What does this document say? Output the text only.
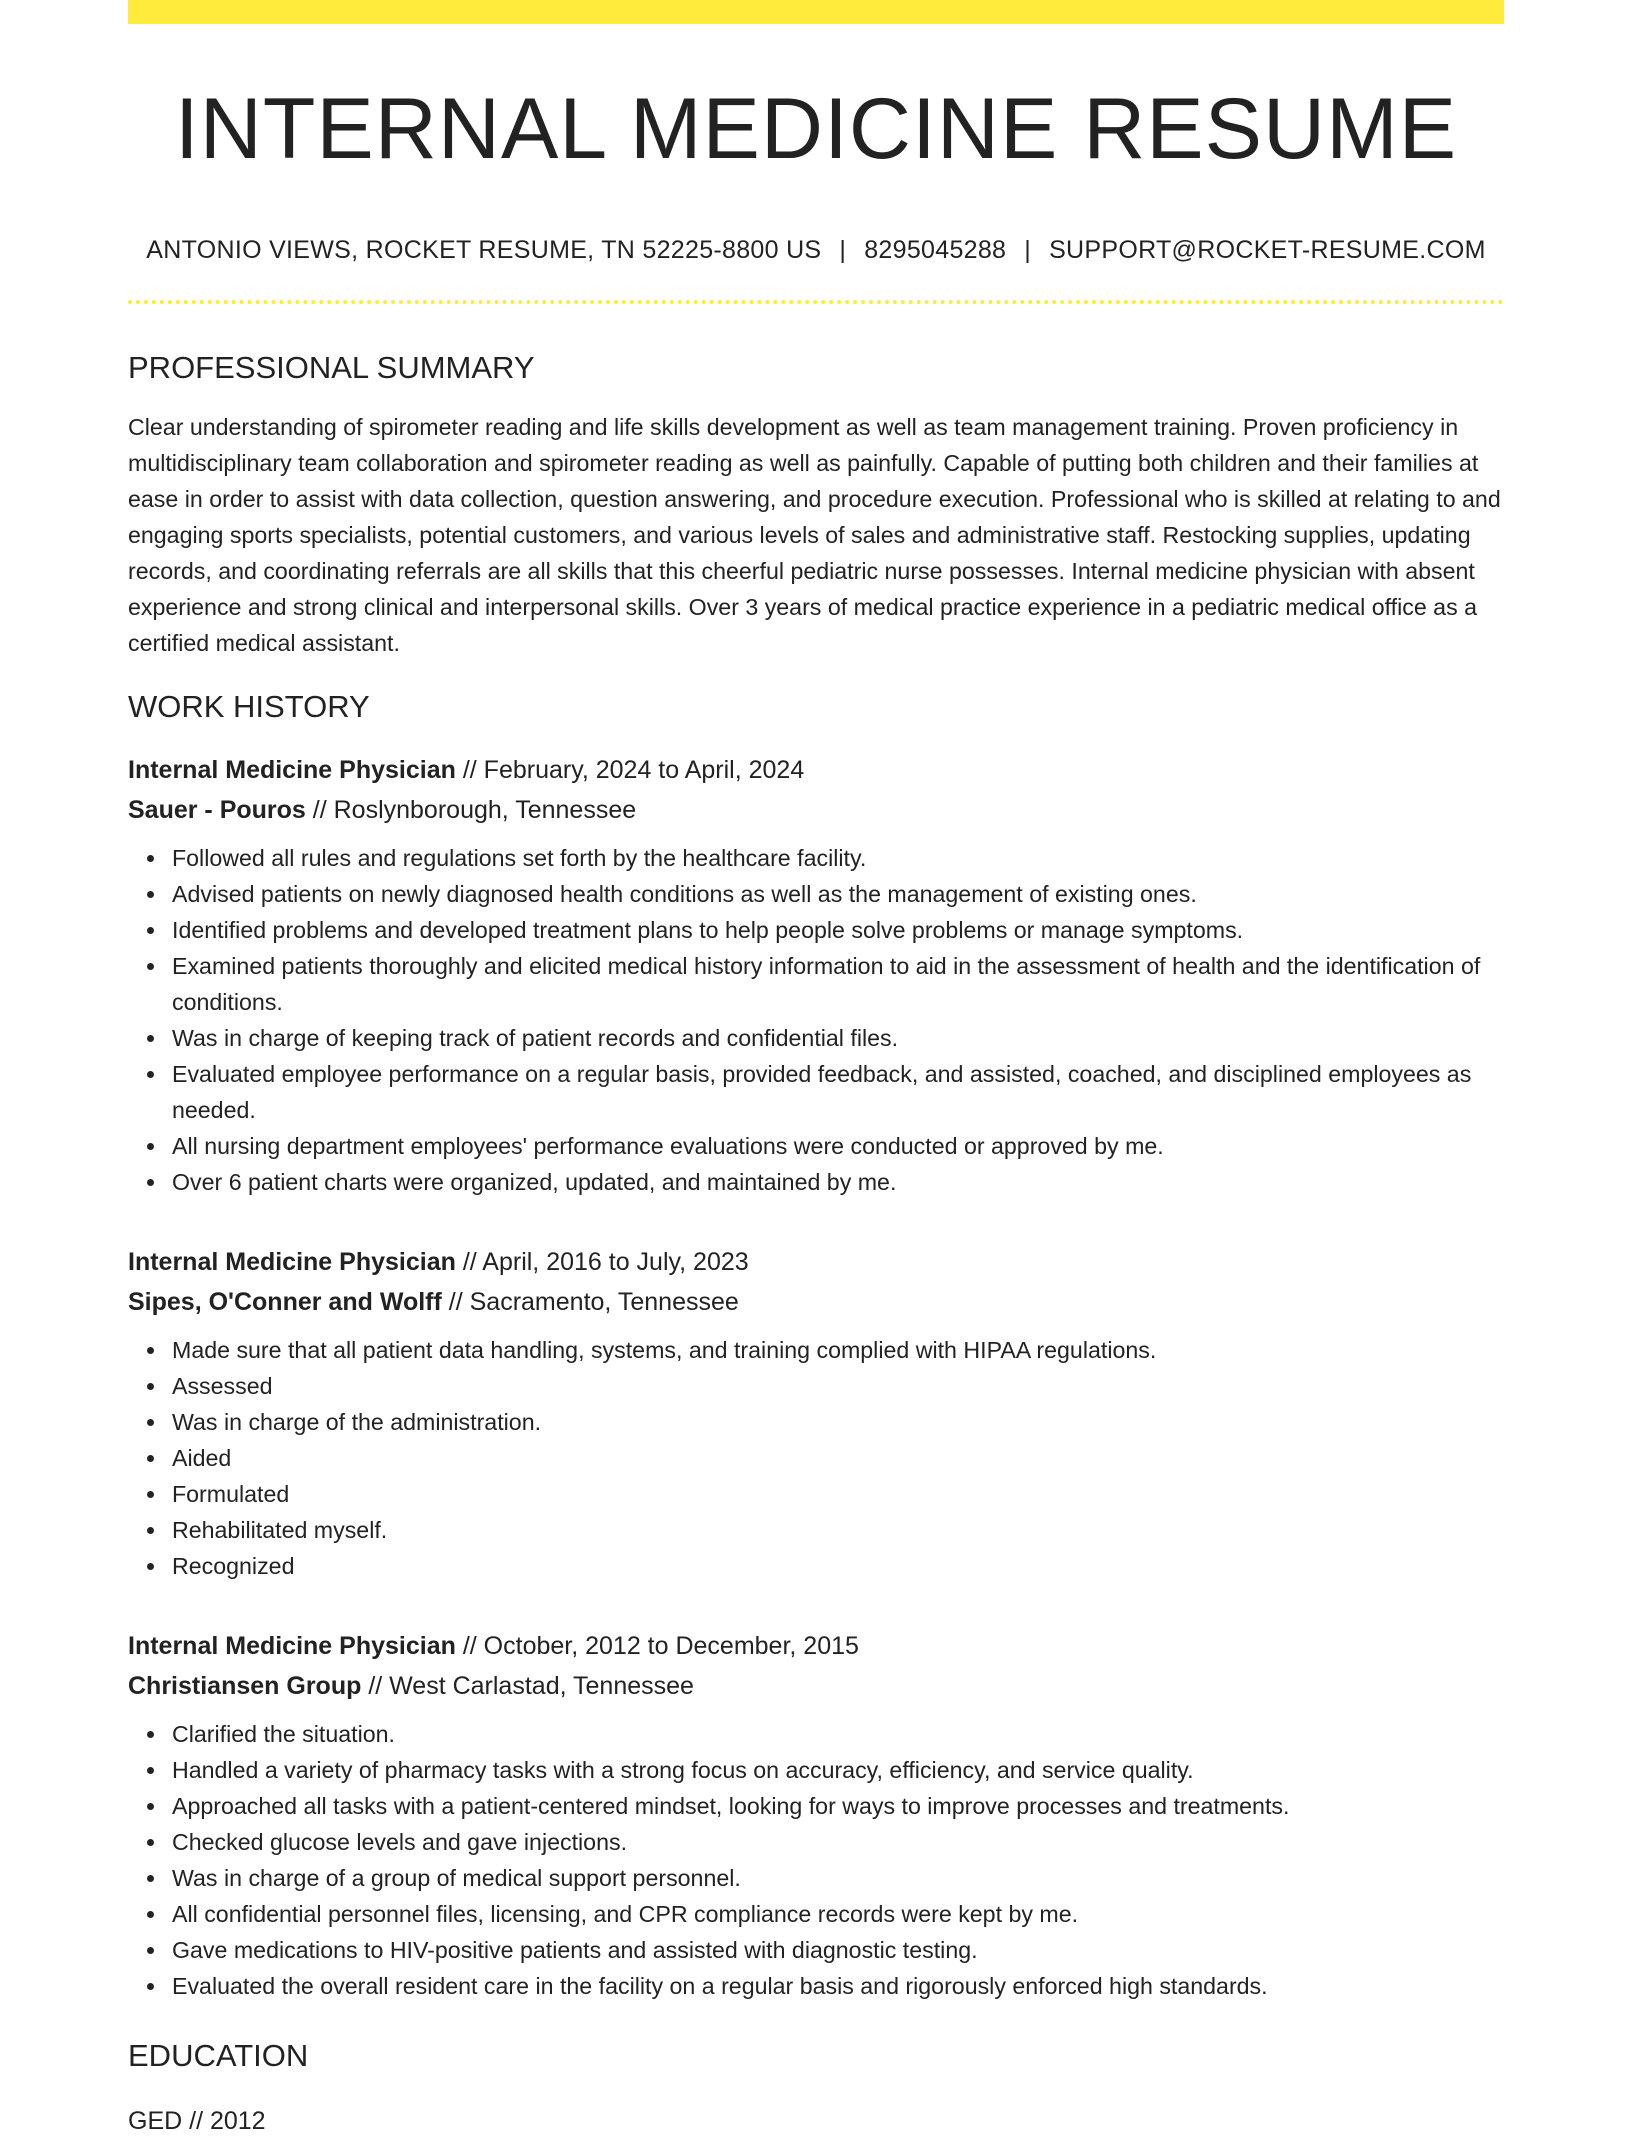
INTERNAL MEDICINE RESUME
ANTONIO VIEWS, ROCKET RESUME, TN 52225-8800 US | 8295045288 | SUPPORT@ROCKET-RESUME.COM
PROFESSIONAL SUMMARY

Clear understanding of spirometer reading and life skills development as well as team management training. Proven proficiency in multidisciplinary team collaboration and spirometer reading as well as painfully. Capable of putting both children and their families at ease in order to assist with data collection, question answering, and procedure execution. Professional who is skilled at relating to and engaging sports specialists, potential customers, and various levels of sales and administrative staff. Restocking supplies, updating records, and coordinating referrals are all skills that this cheerful pediatric nurse possesses. Internal medicine physician with absent experience and strong clinical and interpersonal skills. Over 3 years of medical practice experience in a pediatric medical office as a certified medical assistant.

WORK HISTORY
Internal Medicine Physician // February, 2024 to April, 2024
Sauer - Pouros // Roslynborough, Tennessee
Followed all rules and regulations set forth by the healthcare facility.
Advised patients on newly diagnosed health conditions as well as the management of existing ones.
Identified problems and developed treatment plans to help people solve problems or manage symptoms.
Examined patients thoroughly and elicited medical history information to aid in the assessment of health and the identification of conditions.
Was in charge of keeping track of patient records and confidential files.
Evaluated employee performance on a regular basis, provided feedback, and assisted, coached, and disciplined employees as needed.
All nursing department employees' performance evaluations were conducted or approved by me.
Over 6 patient charts were organized, updated, and maintained by me.
Internal Medicine Physician // April, 2016 to July, 2023
Sipes, O'Conner and Wolff // Sacramento, Tennessee
Made sure that all patient data handling, systems, and training complied with HIPAA regulations.
Assessed
Was in charge of the administration.
Aided
Formulated
Rehabilitated myself.
Recognized
Internal Medicine Physician // October, 2012 to December, 2015
Christiansen Group // West Carlastad, Tennessee
Clarified the situation.
Handled a variety of pharmacy tasks with a strong focus on accuracy, efficiency, and service quality.
Approached all tasks with a patient-centered mindset, looking for ways to improve processes and treatments.
Checked glucose levels and gave injections.
Was in charge of a group of medical support personnel.
All confidential personnel files, licensing, and CPR compliance records were kept by me.
Gave medications to HIV-positive patients and assisted with diagnostic testing.
Evaluated the overall resident care in the facility on a regular basis and rigorously enforced high standards.
EDUCATION
GED // 2012
